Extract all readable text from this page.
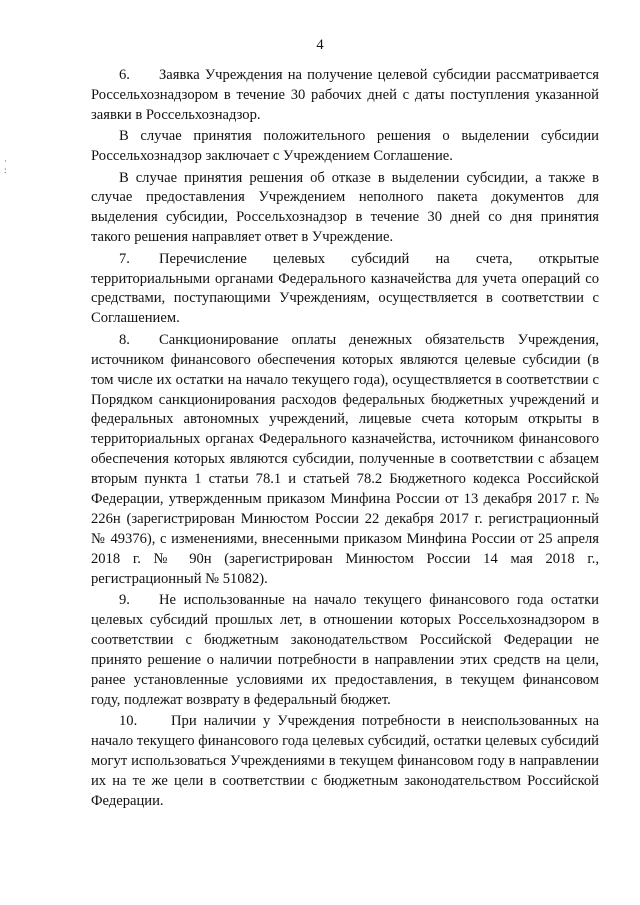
4
·
:

6. Заявка Учреждения на получение целевой субсидии рассматривается Россельхознадзором в течение 30 рабочих дней с даты поступления указанной заявки в Россельхознадзор.

В случае принятия положительного решения о выделении субсидии Россельхознадзор заключает с Учреждением Соглашение.

В случае принятия решения об отказе в выделении субсидии, а также в случае предоставления Учреждением неполного пакета документов для выделения субсидии, Россельхознадзор в течение 30 дней со дня принятия такого решения направляет ответ в Учреждение.

7. Перечисление целевых субсидий на счета, открытые территориальными органами Федерального казначейства для учета операций со средствами, поступающими Учреждениям, осуществляется в соответствии с Соглашением.

8. Санкционирование оплаты денежных обязательств Учреждения, источником финансового обеспечения которых являются целевые субсидии (в том числе их остатки на начало текущего года), осуществляется в соответствии с Порядком санкционирования расходов федеральных бюджетных учреждений и федеральных автономных учреждений, лицевые счета которым открыты в территориальных органах Федерального казначейства, источником финансового обеспечения которых являются субсидии, полученные в соответствии с абзацем вторым пункта 1 статьи 78.1 и статьей 78.2 Бюджетного кодекса Российской Федерации, утвержденным приказом Минфина России от 13 декабря 2017 г. № 226н (зарегистрирован Минюстом России 22 декабря 2017 г. регистрационный № 49376), с изменениями, внесенными приказом Минфина России от 25 апреля 2018 г. № 90н (зарегистрирован Минюстом России 14 мая 2018 г., регистрационный № 51082).

9. Не использованные на начало текущего финансового года остатки целевых субсидий прошлых лет, в отношении которых Россельхознадзором в соответствии с бюджетным законодательством Российской Федерации не принято решение о наличии потребности в направлении этих средств на цели, ранее установленные условиями их предоставления, в текущем финансовом году, подлежат возврату в федеральный бюджет.

10. При наличии у Учреждения потребности в неиспользованных на начало текущего финансового года целевых субсидий, остатки целевых субсидий могут использоваться Учреждениями в текущем финансовом году в направлении их на те же цели в соответствии с бюджетным законодательством Российской Федерации.
